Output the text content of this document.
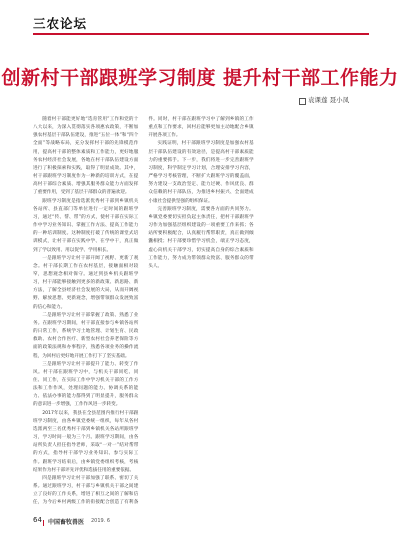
三农论坛
创新村干部跟班学习制度 提升村干部工作能力
袁课莲 聂小凤

随着村干部能更好地“选育管用”工作和党的十八大以来，为深入贯彻落实各项惠农政策，不断加强农村基层干部队伍建设，推进“五位一体”和“四个全面”等战略布局，充分发挥村干部的先锋模范作用，提高村干部的整体素质和工作能力，更好地服务农村经济社会发展，各地在村干部队伍建设方面进行了积极探索和实践，取得了明显成效。其中，村干部跟班学习制度作为一种新的培训方式，在提高村干部综合素质、增强其服务群众能力方面发挥了重要作用，受到了基层干部群众的普遍欢迎。

跟班学习制度是指选派优秀村干部到乡镇机关各站所、县直部门等单位进行一定时间的跟班学习，通过“传、帮、带”的方式，使村干部在实际工作中学习业务知识、掌握工作方法、提高工作能力的一种培训制度。这种制度打破了传统的课堂式培训模式，让村干部在实践中学、在学中干，真正做到了学以致用、用以促学、学用相长。

一是跟班学习让村干部开阔了视野、更新了观念。村干部长期工作在农村基层，接触面相对较窄，思想观念相对保守。通过到县乡机关跟班学习，村干部能够接触到更多的新政策、新思路、新方法，了解全县经济社会发展的大局，从而开阔视野、解放思想、更新观念，增强带领群众发展致富的信心和能力。

二是跟班学习让村干部掌握了政策、熟悉了业务。在跟班学习期间，村干部直接参与乡镇各站所的日常工作，系统学习土地管理、计划生育、民政救助、农村合作医疗、新型农村社会养老保险等方面的政策法规和办事程序，熟悉各项业务的操作流程，为回村后更好地开展工作打下了坚实基础。

三是跟班学习让村干部提升了能力、转变了作风。村干部在跟班学习中，与机关干部同吃、同住、同工作，在实际工作中学习机关干部的工作方法和工作作风，处理问题的能力、协调关系的能力、依法办事的能力都得到了明显提升，服务群众的意识进一步增强，工作作风进一步转变。

2017年以来，我县在全县范围内推行村干部跟班学习制度，由各乡镇党委统一组织，每年从各村选派两至三名优秀村干部到乡镇机关各站所跟班学习，学习时间一般为三个月。跟班学习期间，由各站所负责人担任指导老师，采取“一对一”结对帮带的方式，指导村干部学习业务知识、参与实际工作。跟班学习结束后，由乡镇党委组织考核，考核结果作为村干部评先评优和选拔任用的重要依据。

四是跟班学习让村干部加强了联系、密切了关系。通过跟班学习，村干部与乡镇机关干部之间建立了良好的工作关系，增进了相互之间的了解和信任，为今后乡村两级工作的衔接配合创造了有利条件。同时，村干部在跟班学习中了解到乡镇的工作重点和工作要求，回村后能够更加主动地配合乡镇开展各项工作。

实践证明，村干部跟班学习制度是加强农村基层干部队伍建设的有效途径，是提高村干部素质能力的重要抓手。下一步，我们将进一步完善跟班学习制度，科学制定学习计划，合理安排学习内容，严格学习考核管理，不断扩大跟班学习的覆盖面，努力建设一支政治坚定、能力过硬、作风优良、群众信赖的村干部队伍，为推进乡村振兴、全面建成小康社会提供坚强的组织保证。

完善跟班学习制度，需要各方面的共同努力。乡镇党委要切实担负起主体责任，把村干部跟班学习作为加强基层组织建设的一项重要工作来抓；各站所要积极配合，认真履行帮带职责，真正做到倾囊相授；村干部要珍惜学习机会，端正学习态度，虚心向机关干部学习，切实提高自身的综合素质和工作能力，努力成为带领群众致富、服务群众的带头人。

64 中国畜牧兽医 2019. 6
